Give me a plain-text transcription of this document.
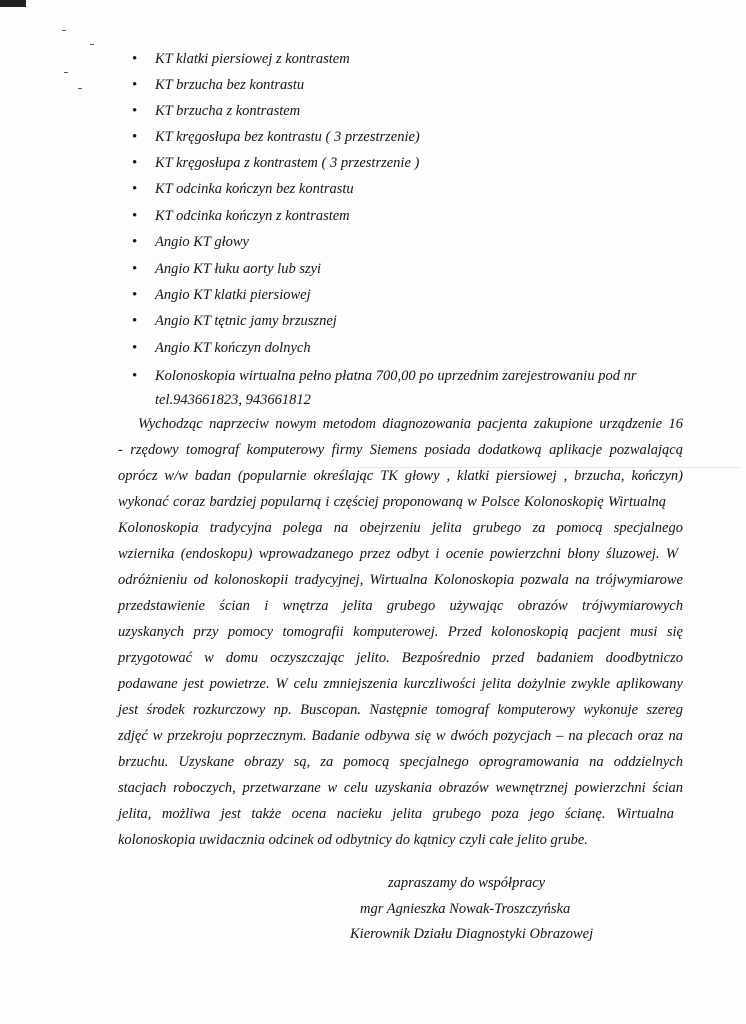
• KT klatki piersiowej z kontrastem
• KT brzucha bez kontrastu
• KT brzucha z kontrastem
• KT kręgosłupa bez kontrastu ( 3 przestrzenie)
• KT kręgosłupa z kontrastem ( 3 przestrzenie )
• KT odcinka kończyn bez kontrastu
• KT odcinka kończyn z kontrastem
• Angio KT głowy
• Angio KT łuku aorty lub szyi
• Angio KT klatki piersiowej
• Angio KT tętnic jamy brzusznej
• Angio KT kończyn dolnych
• Kolonoskopia wirtualna pełno płatna 700,00 po uprzednim zarejestrowaniu pod nr
tel.943661823, 943661812
Wychodząc naprzeciw nowym metodom diagnozowania pacjenta zakupione urządzenie 16
- rzędowy tomograf komputerowy firmy Siemens posiada dodatkową aplikacje pozwalającą
oprócz w/w badan (popularnie określając TK głowy , klatki piersiowej , brzucha, kończyn)
wykonać coraz bardziej popularną i częściej proponowaną w Polsce Kolonoskopię Wirtualną
Kolonoskopia tradycyjna polega na obejrzeniu jelita grubego za pomocą specjalnego
wziernika (endoskopu) wprowadzanego przez odbyt i ocenie powierzchni błony śluzowej. W
odróżnieniu od kolonoskopii tradycyjnej, Wirtualna Kolonoskopia pozwala na trójwymiarowe
przedstawienie ścian i wnętrza jelita grubego używając obrazów trójwymiarowych
uzyskanych przy pomocy tomografii komputerowej. Przed kolonoskopią pacjent musi się
przygotować w domu oczyszczając jelito. Bezpośrednio przed badaniem doodbytniczo
podawane jest powietrze. W celu zmniejszenia kurczliwości jelita dożylnie zwykle aplikowany
jest środek rozkurczowy np. Buscopan. Następnie tomograf komputerowy wykonuje szereg
zdjęć w przekroju poprzecznym. Badanie odbywa się w dwóch pozycjach – na plecach oraz na
brzuchu. Uzyskane obrazy są, za pomocą specjalnego oprogramowania na oddzielnych
stacjach roboczych, przetwarzane w celu uzyskania obrazów wewnętrznej powierzchni ścian
jelita, możliwa jest także ocena nacieku jelita grubego poza jego ścianę. Wirtualna
kolonoskopia uwidacznia odcinek od odbytnicy do kątnicy czyli całe jelito grube.
zapraszamy do współpracy
mgr Agnieszka Nowak-Troszczyńska
Kierownik Działu Diagnostyki Obrazowej
